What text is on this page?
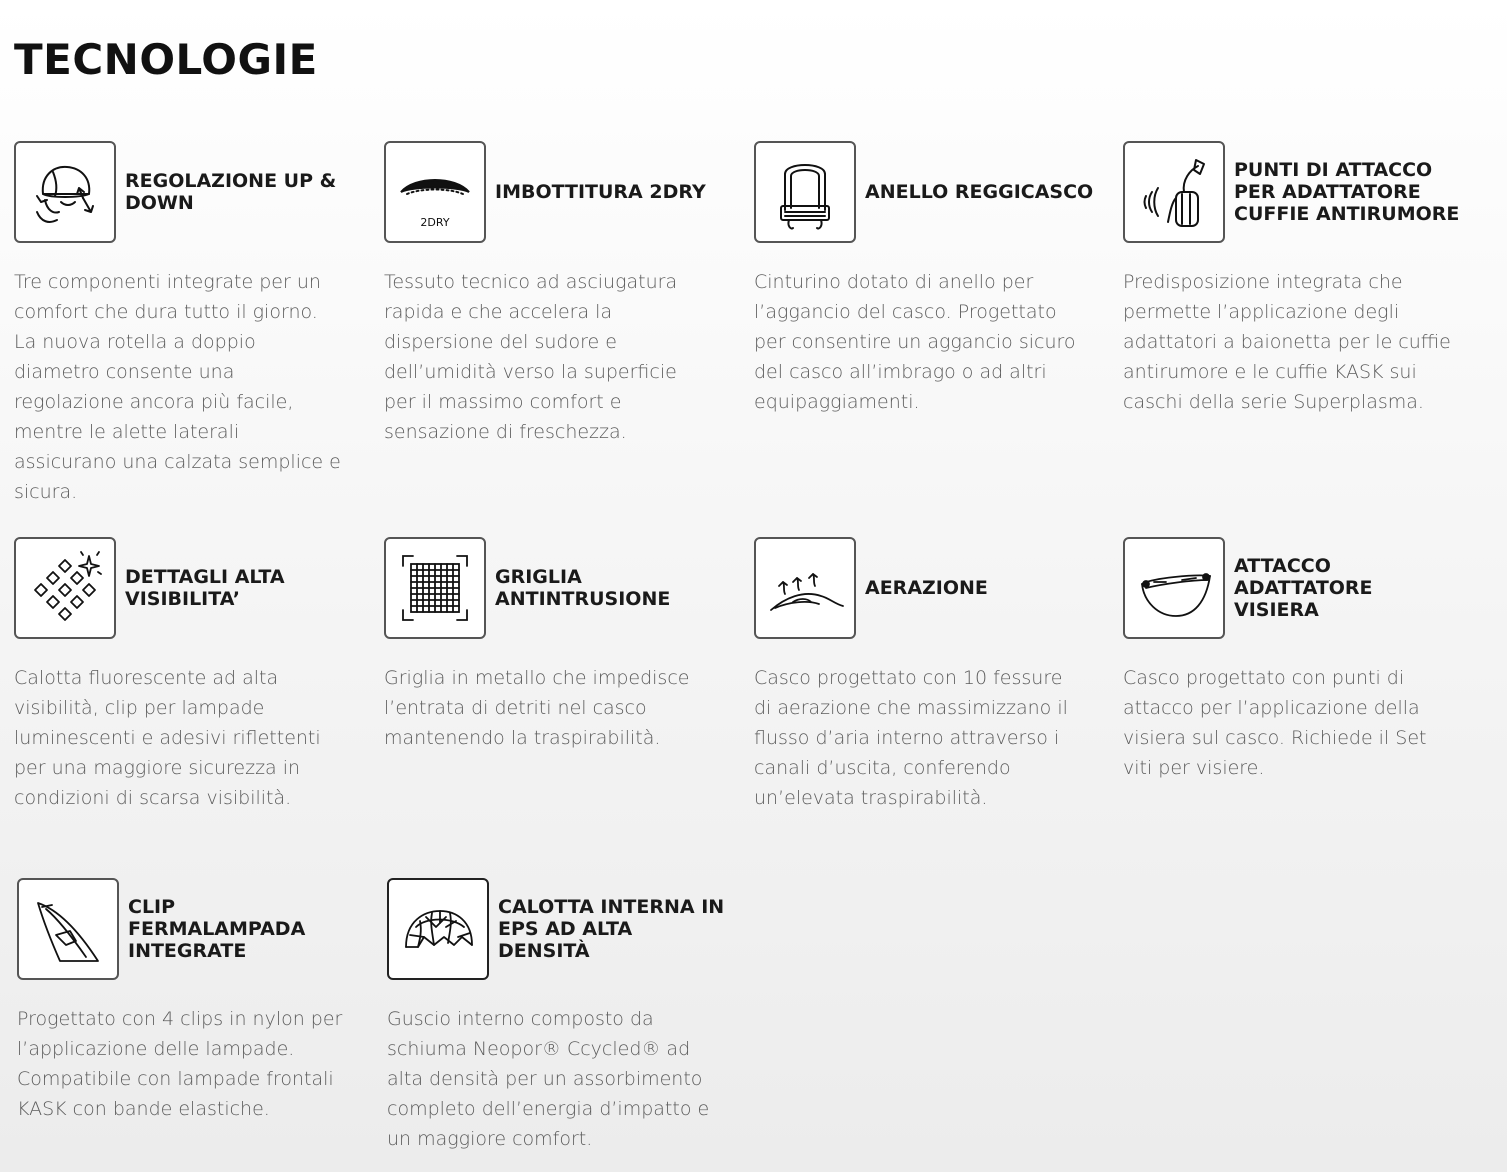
TECNOLOGIE
REGOLAZIONE UP & DOWN

Tre componenti integrate per un comfort che dura tutto il giorno. La nuova rotella a doppio diametro consente una regolazione ancora più facile, mentre le alette laterali assicurano una calzata semplice e sicura.

2DRY
IMBOTTITURA 2DRY

Tessuto tecnico ad asciugatura rapida e che accelera la dispersione del sudore e dell’umidità verso la superficie per il massimo comfort e sensazione di freschezza.

ANELLO REGGICASCO

Cinturino dotato di anello per l’aggancio del casco. Progettato per consentire un aggancio sicuro del casco all’imbrago o ad altri equipaggiamenti.

PUNTI DI ATTACCO PER ADATTATORE CUFFIE ANTIRUMORE

Predisposizione integrata che permette l’applicazione degli adattatori a baionetta per le cuffie antirumore e le cuffie KASK sui caschi della serie Superplasma.

DETTAGLI ALTA VISIBILITA’

Calotta fluorescente ad alta visibilità, clip per lampade luminescenti e adesivi riflettenti per una maggiore sicurezza in condizioni di scarsa visibilità.

GRIGLIA ANTINTRUSIONE

Griglia in metallo che impedisce l’entrata di detriti nel casco mantenendo la traspirabilità.

AERAZIONE

Casco progettato con 10 fessure di aerazione che massimizzano il flusso d’aria interno attraverso i canali d’uscita, conferendo un’elevata traspirabilità.

ATTACCO ADATTATORE VISIERA

Casco progettato con punti di attacco per l’applicazione della visiera sul casco. Richiede il Set viti per visiere.

CLIP FERMALAMPADA INTEGRATE

Progettato con 4 clips in nylon per l’applicazione delle lampade. Compatibile con lampade frontali KASK con bande elastiche.

CALOTTA INTERNA IN EPS AD ALTA DENSITÀ

Guscio interno composto da schiuma Neopor® Ccycled® ad alta densità per un assorbimento completo dell’energia d’impatto e un maggiore comfort.
